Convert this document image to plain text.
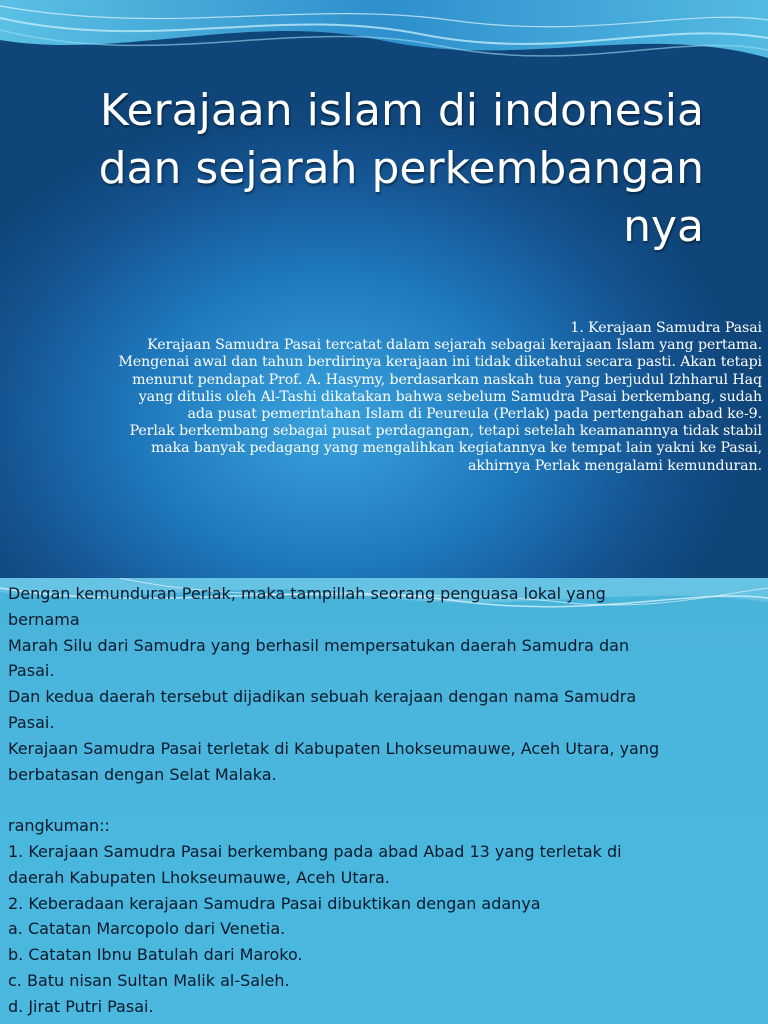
Kerajaan islam di indonesia
dan sejarah perkembangan
nya
1. Kerajaan Samudra Pasai
Kerajaan Samudra Pasai tercatat dalam sejarah sebagai kerajaan Islam yang pertama.
Mengenai awal dan tahun berdirinya kerajaan ini tidak diketahui secara pasti. Akan tetapi
menurut pendapat Prof. A. Hasymy, berdasarkan naskah tua yang berjudul Izhharul Haq
yang ditulis oleh Al-Tashi dikatakan bahwa sebelum Samudra Pasai berkembang, sudah
ada pusat pemerintahan Islam di Peureula (Perlak) pada pertengahan abad ke-9.
Perlak berkembang sebagai pusat perdagangan, tetapi setelah keamanannya tidak stabil
maka banyak pedagang yang mengalihkan kegiatannya ke tempat lain yakni ke Pasai,
akhirnya Perlak mengalami kemunduran.
Dengan kemunduran Perlak, maka tampillah seorang penguasa lokal yang
bernama
Marah Silu dari Samudra yang berhasil mempersatukan daerah Samudra dan
Pasai.
Dan kedua daerah tersebut dijadikan sebuah kerajaan dengan nama Samudra
Pasai.
Kerajaan Samudra Pasai terletak di Kabupaten Lhokseumauwe, Aceh Utara, yang
berbatasan dengan Selat Malaka.
rangkuman::
1. Kerajaan Samudra Pasai berkembang pada abad Abad 13 yang terletak di
daerah Kabupaten Lhokseumauwe, Aceh Utara.
2. Keberadaan kerajaan Samudra Pasai dibuktikan dengan adanya
a. Catatan Marcopolo dari Venetia.
b. Catatan Ibnu Batulah dari Maroko.
c. Batu nisan Sultan Malik al-Saleh.
d. Jirat Putri Pasai.
